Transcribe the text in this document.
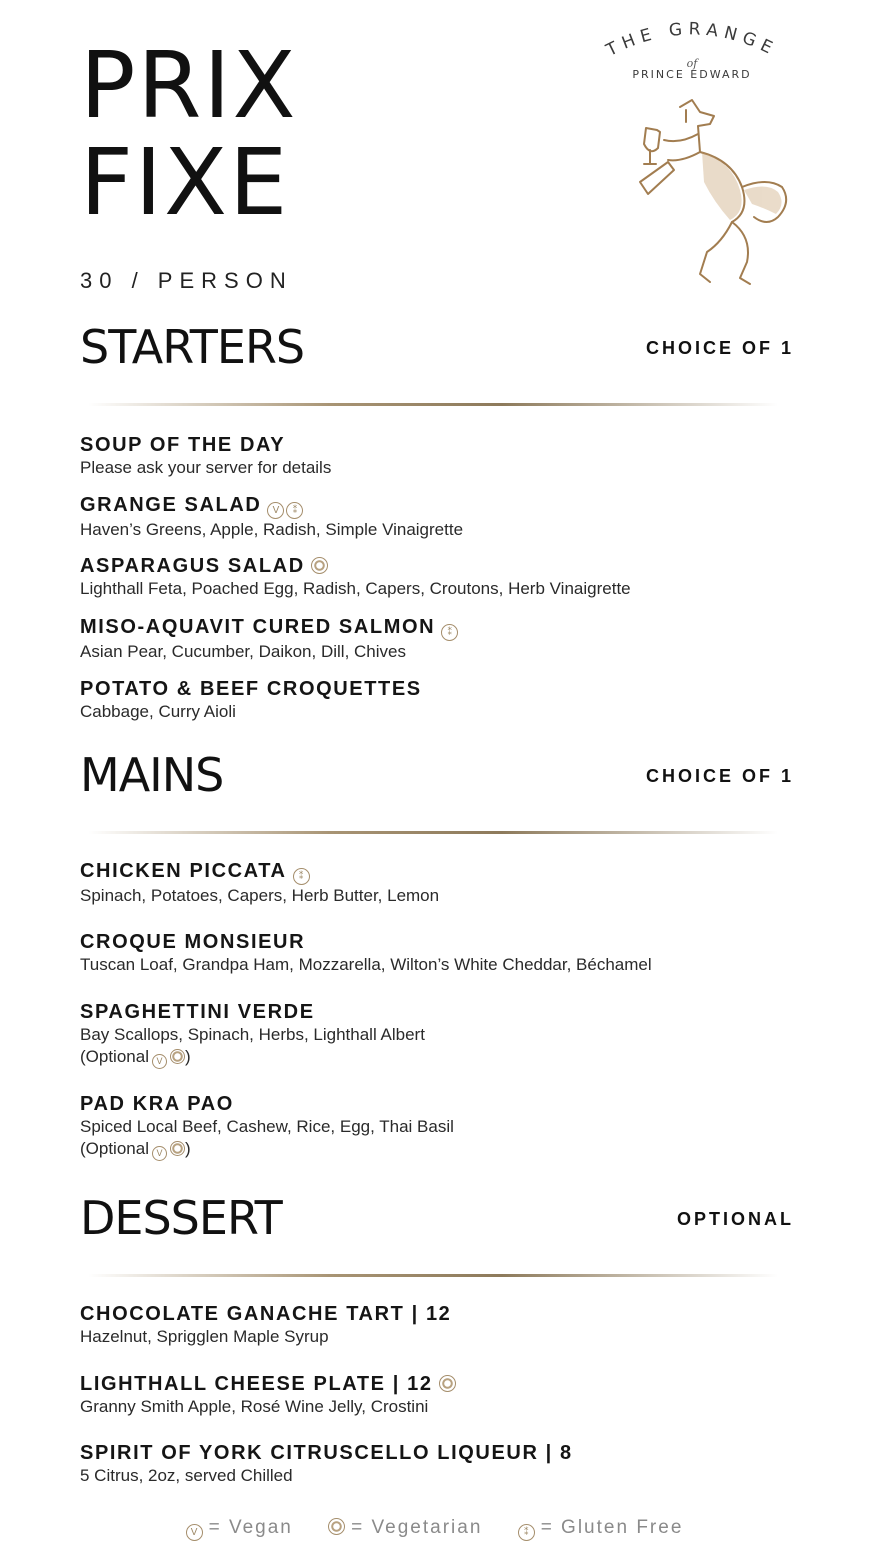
PRIX
FIXE
30 / PERSON
THE GRANGE
of
PRINCE EDWARD
STARTERS	CHOICE OF 1
SOUP OF THE DAY
Please ask your server for details
GRANGE SALAD V ⁑
Haven’s Greens, Apple, Radish, Simple Vinaigrette
ASPARAGUS SALAD
Lighthall Feta, Poached Egg, Radish, Capers, Croutons, Herb Vinaigrette
MISO-AQUAVIT CURED SALMON ⁑
Asian Pear, Cucumber, Daikon, Dill, Chives
POTATO & BEEF CROQUETTES
Cabbage, Curry Aioli
MAINS	CHOICE OF 1
CHICKEN PICCATA ⁑
Spinach, Potatoes, Capers, Herb Butter, Lemon
CROQUE MONSIEUR
Tuscan Loaf, Grandpa Ham, Mozzarella, Wilton’s White Cheddar, Béchamel
SPAGHETTINI VERDE
Bay Scallops, Spinach, Herbs, Lighthall Albert
(Optional V )
PAD KRA PAO
Spiced Local Beef, Cashew, Rice, Egg, Thai Basil
(Optional V )
DESSERT	OPTIONAL
CHOCOLATE GANACHE TART | 12
Hazelnut, Sprigglen Maple Syrup
LIGHTHALL CHEESE PLATE | 12
Granny Smith Apple, Rosé Wine Jelly, Crostini
SPIRIT OF YORK CITRUSCELLO LIQUEUR | 8
5 Citrus, 2oz, served Chilled
V = Vegan	= Vegetarian	⁑ = Gluten Free
